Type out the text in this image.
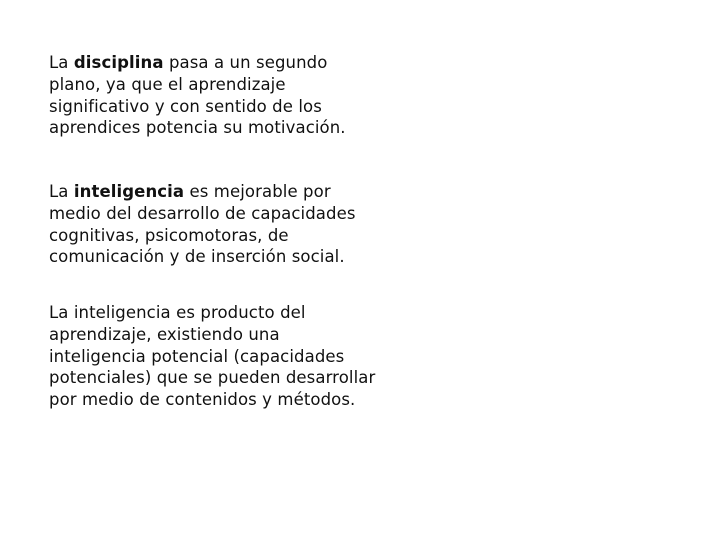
La disciplina pasa a un segundo plano, ya que el aprendizaje significativo y con sentido de los aprendices potencia su motivación.

La inteligencia es mejorable por medio del desarrollo de capacidades cognitivas, psicomotoras, de comunicación y de inserción social.

La inteligencia es producto del aprendizaje, existiendo una inteligencia potencial (capacidades potenciales) que se pueden desarrollar por medio de contenidos y métodos.
